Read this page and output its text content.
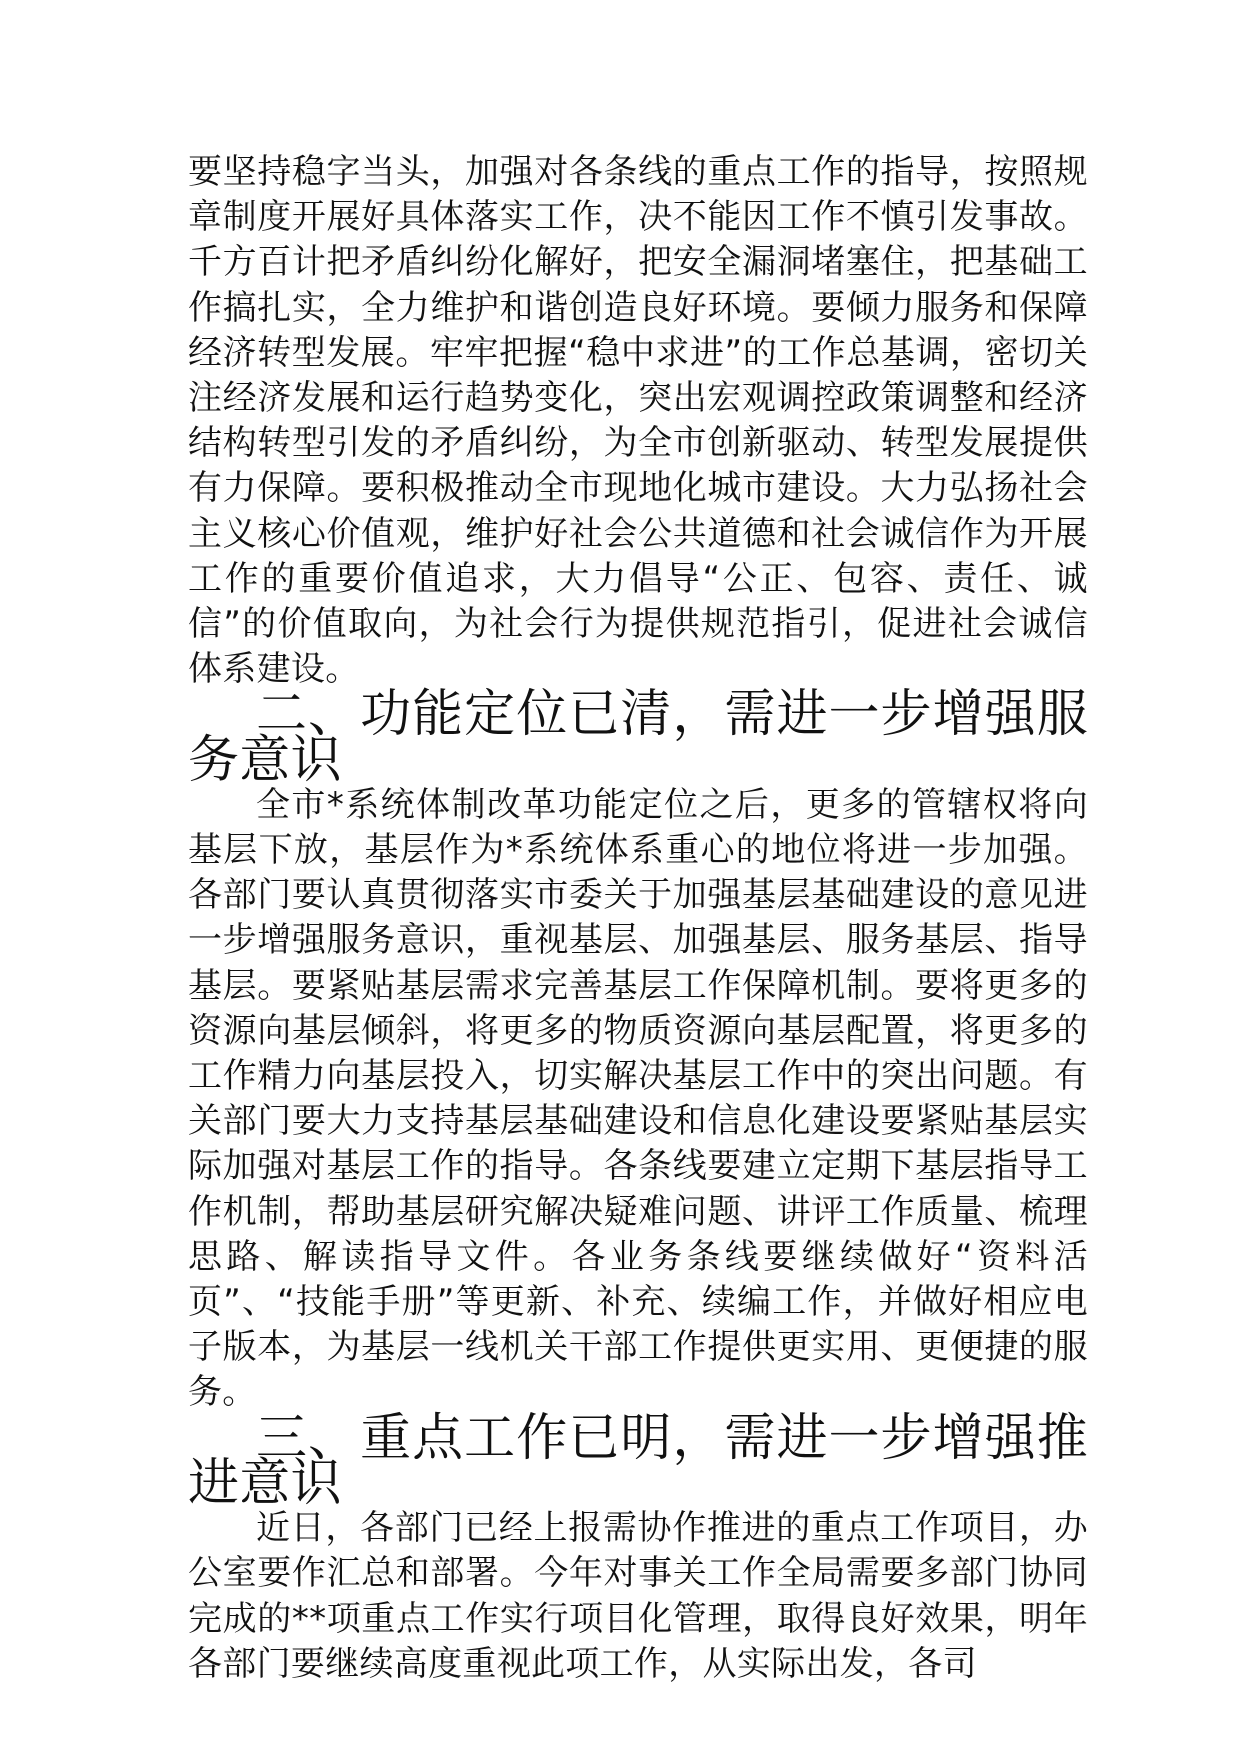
要坚持稳字当头，加强对各条线的重点工作的指导，按照规章制度开展好具体落实工作，决不能因工作不慎引发事故。千方百计把矛盾纠纷化解好，把安全漏洞堵塞住，把基础工作搞扎实，全力维护和谐创造良好环境。要倾力服务和保障经济转型发展。牢牢把握“稳中求进”的工作总基调，密切关注经济发展和运行趋势变化，突出宏观调控政策调整和经济结构转型引发的矛盾纠纷，为全市创新驱动、转型发展提供有力保障。要积极推动全市现地化城市建设。大力弘扬社会主义核心价值观，维护好社会公共道德和社会诚信作为开展工作的重要价值追求，大力倡导“公正、包容、责任、诚信”的价值取向，为社会行为提供规范指引，促进社会诚信体系建设。

二、功能定位已清，需进一步增强服务意识

全市*系统体制改革功能定位之后，更多的管辖权将向基层下放，基层作为*系统体系重心的地位将进一步加强。各部门要认真贯彻落实市委关于加强基层基础建设的意见进一步增强服务意识，重视基层、加强基层、服务基层、指导基层。要紧贴基层需求完善基层工作保障机制。要将更多的资源向基层倾斜，将更多的物质资源向基层配置，将更多的工作精力向基层投入，切实解决基层工作中的突出问题。有关部门要大力支持基层基础建设和信息化建设要紧贴基层实际加强对基层工作的指导。各条线要建立定期下基层指导工作机制，帮助基层研究解决疑难问题、讲评工作质量、梳理思路、解读指导文件。各业务条线要继续做好“资料活页”、“技能手册”等更新、补充、续编工作，并做好相应电子版本，为基层一线机关干部工作提供更实用、更便捷的服务。

三、重点工作已明，需进一步增强推进意识

近日，各部门已经上报需协作推进的重点工作项目，办公室要作汇总和部署。今年对事关工作全局需要多部门协同完成的**项重点工作实行项目化管理，取得良好效果，明年各部门要继续高度重视此项工作，从实际出发，各司
